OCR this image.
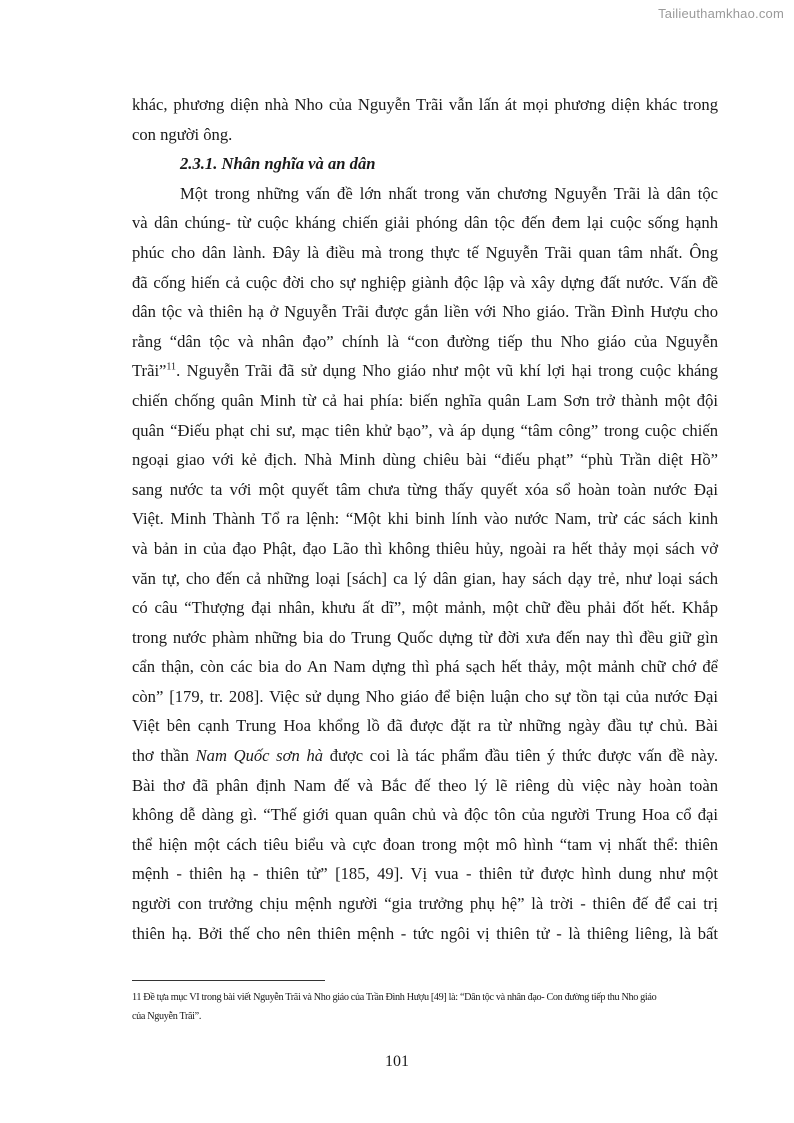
Tailieuthamkhao.com
khác, phương diện nhà Nho của Nguyễn Trãi vẫn lấn át mọi phương diện khác trong
con người ông.
2.3.1. Nhân nghĩa và an dân
Một trong những vấn đề lớn nhất trong văn chương Nguyễn Trãi là dân tộc
và dân chúng- từ cuộc kháng chiến giải phóng dân tộc đến đem lại cuộc sống hạnh
phúc cho dân lành. Đây là điều mà trong thực tế Nguyễn Trãi quan tâm nhất. Ông
đã cống hiến cả cuộc đời cho sự nghiệp giành độc lập và xây dựng đất nước. Vấn đề
dân tộc và thiên hạ ở Nguyễn Trãi được gắn liền với Nho giáo. Trần Đình Hượu cho
rằng “dân tộc và nhân đạo” chính là “con đường tiếp thu Nho giáo của Nguyễn
Trãi”$^{11}$. Nguyễn Trãi đã sử dụng Nho giáo như một vũ khí lợi hại trong cuộc kháng
chiến chống quân Minh từ cả hai phía: biến nghĩa quân Lam Sơn trở thành một đội
quân “Điếu phạt chi sư, mạc tiên khử bạo”, và áp dụng “tâm công” trong cuộc chiến
ngoại giao với kẻ địch. Nhà Minh dùng chiêu bài “điếu phạt” “phù Trần diệt Hồ”
sang nước ta với một quyết tâm chưa từng thấy quyết xóa sổ hoàn toàn nước Đại
Việt. Minh Thành Tổ ra lệnh: “Một khi binh lính vào nước Nam, trừ các sách kinh
và bản in của đạo Phật, đạo Lão thì không thiêu hủy, ngoài ra hết thảy mọi sách vở
văn tự, cho đến cả những loại [sách] ca lý dân gian, hay sách dạy trẻ, như loại sách
có câu “Thượng đại nhân, khưu ất dĩ”, một mảnh, một chữ đều phải đốt hết. Khắp
trong nước phàm những bia do Trung Quốc dựng từ đời xưa đến nay thì đều giữ gìn
cẩn thận, còn các bia do An Nam dựng thì phá sạch hết thảy, một mảnh chữ chớ để
còn” [179, tr. 208]. Việc sử dụng Nho giáo để biện luận cho sự tồn tại của nước Đại
Việt bên cạnh Trung Hoa khổng lồ đã được đặt ra từ những ngày đầu tự chủ. Bài
thơ thần Nam Quốc sơn hà được coi là tác phẩm đầu tiên ý thức được vấn đề này.
Bài thơ đã phân định Nam đế và Bắc đế theo lý lẽ riêng dù việc này hoàn toàn
không dễ dàng gì. “Thế giới quan quân chủ và độc tôn của người Trung Hoa cổ đại
thể hiện một cách tiêu biểu và cực đoan trong một mô hình “tam vị nhất thể: thiên
mệnh - thiên hạ - thiên tử” [185, 49]. Vị vua - thiên tử được hình dung như một
người con trưởng chịu mệnh người “gia trưởng phụ hệ” là trời - thiên đế để cai trị
thiên hạ. Bởi thế cho nên thiên mệnh - tức ngôi vị thiên tử - là thiêng liêng, là bất
11 Đề tựa mục VI trong bài viết Nguyễn Trãi và Nho giáo của Trần Đình Hượu [49] là: “Dân tộc và nhân đạo- Con đường tiếp thu Nho giáo
của Nguyễn Trãi”.
101
